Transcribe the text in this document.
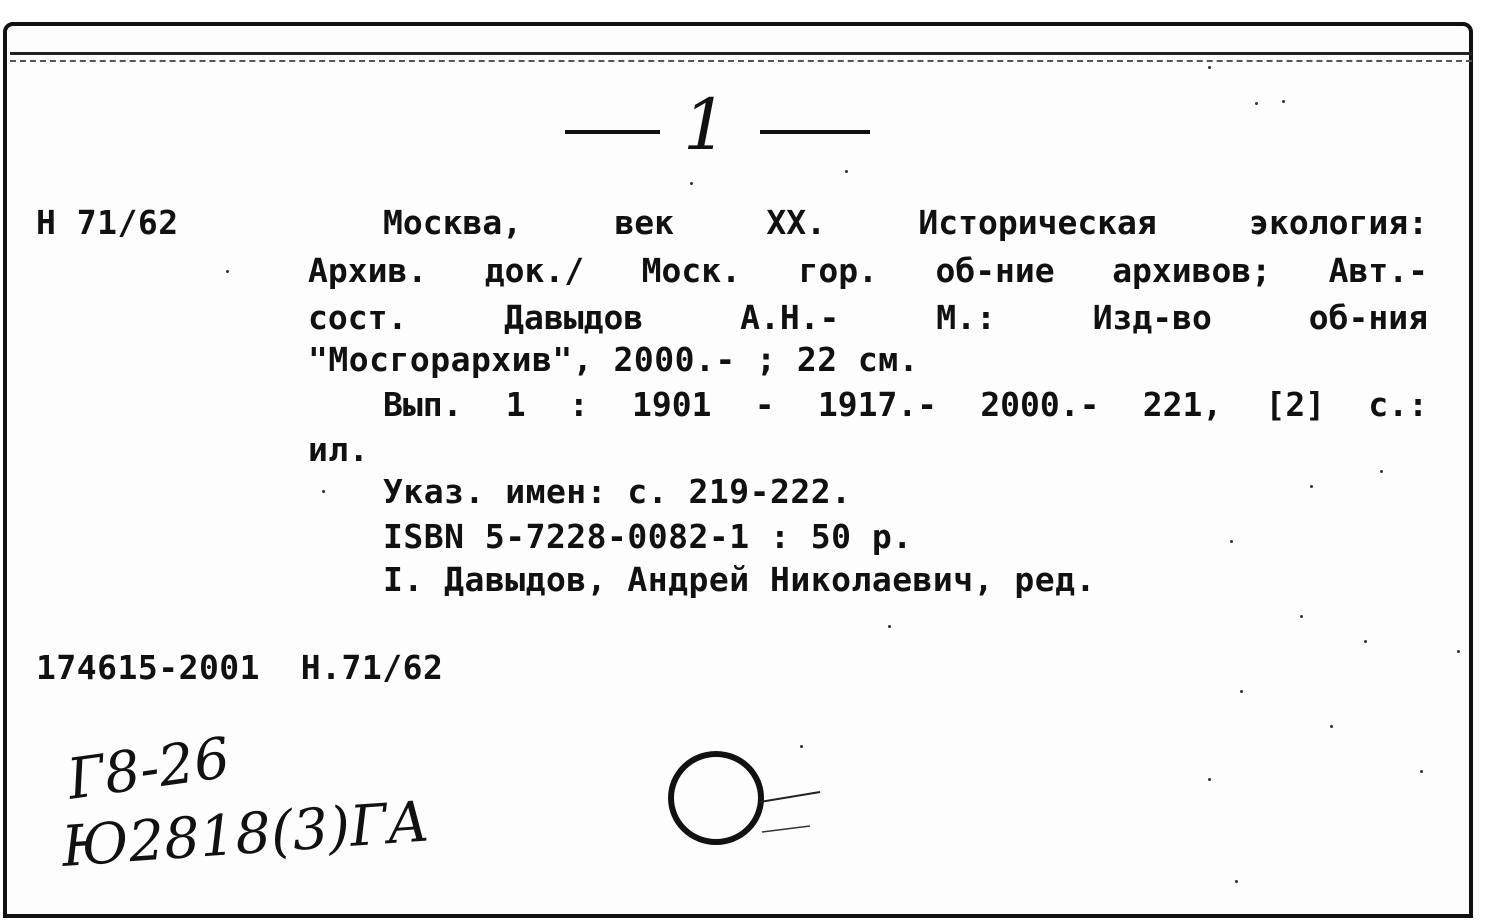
1
Н 71/62	Москва,	век	XX.	Историческая	экология:
Архив. док./ Моск. гор. об-ние архивов; Авт.-
сост.	Давыдов	А.Н.-	М.:	Изд-во	об-ния
"Мосгорархив", 2000.- ; 22 см.
Вып. 1 : 1901 - 1917.- 2000.- 221, [2] с.:
ил.
Указ. имен: с. 219-222.
ISBN 5-7228-0082-1 : 50 р.
I. Давыдов, Андрей Николаевич, ред.
174615-2001  Н.71/62
Г8-26
Ю2818(3)ГА
